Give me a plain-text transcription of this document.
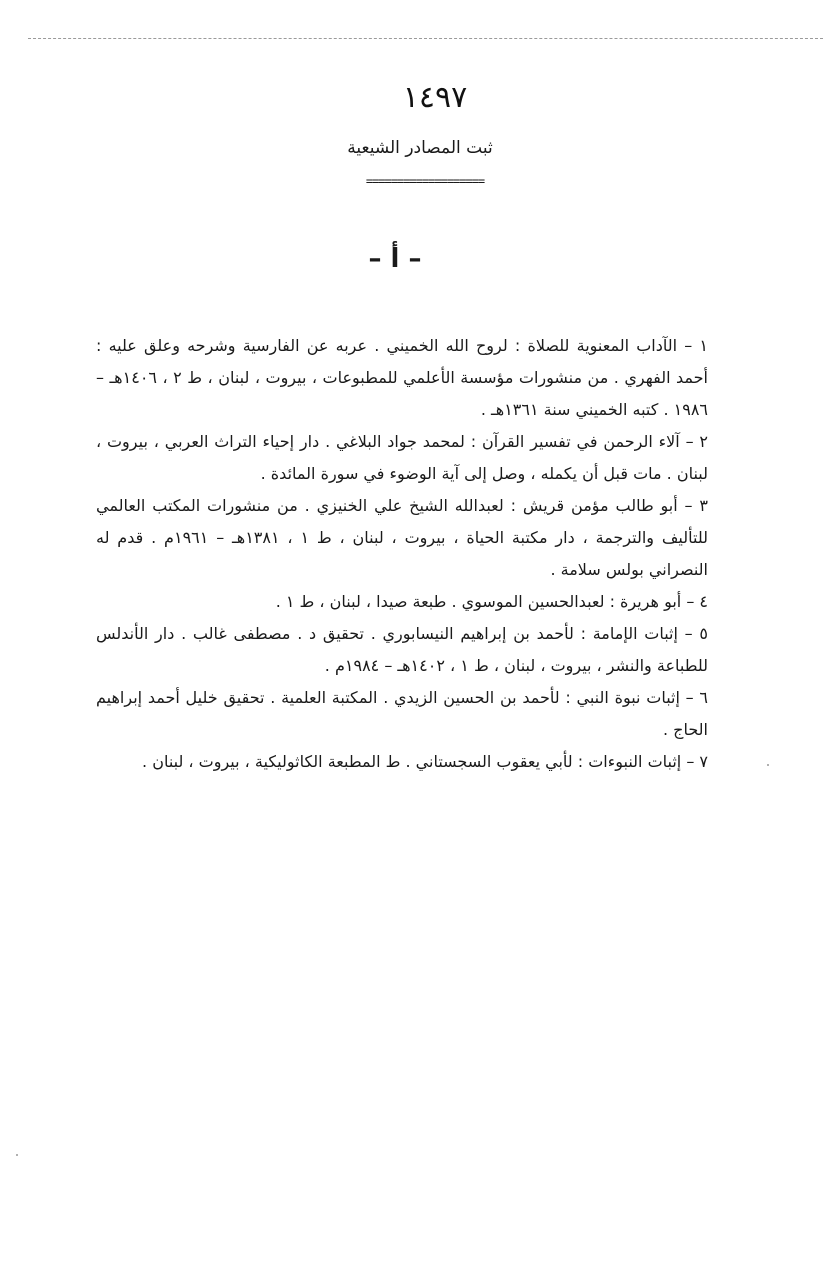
١٤٩٧
ثبت المصادر الشيعية
===================
– أ –

١ – الآداب المعنوية للصلاة : لروح الله الخميني . عربه عن الفارسية وشرحه وعلق عليه : أحمد الفهري . من منشورات مؤسسة الأعلمي للمطبوعات ، بيروت ، لبنان ، ط ٢ ، ١٤٠٦هـ – ١٩٨٦ . كتبه الخميني سنة ١٣٦١هـ .

٢ – آلاء الرحمن في تفسير القرآن : لمحمد جواد البلاغي . دار إحياء التراث العربي ، بيروت ، لبنان . مات قبل أن يكمله ، وصل إلى آية الوضوء في سورة المائدة .

٣ – أبو طالب مؤمن قريش : لعبدالله الشيخ علي الخنيزي . من منشورات المكتب العالمي للتأليف والترجمة ، دار مكتبة الحياة ، بيروت ، لبنان ، ط ١ ، ١٣٨١هـ – ١٩٦١م . قدم له النصراني بولس سلامة .

٤ – أبو هريرة : لعبدالحسين الموسوي . طبعة صيدا ، لبنان ، ط ١ .

٥ – إثبات الإمامة : لأحمد بن إبراهيم النيسابوري . تحقيق د . مصطفى غالب . دار الأندلس للطباعة والنشر ، بيروت ، لبنان ، ط ١ ، ١٤٠٢هـ – ١٩٨٤م .

٦ – إثبات نبوة النبي : لأحمد بن الحسين الزيدي . المكتبة العلمية . تحقيق خليل أحمد إبراهيم الحاج .

٧ – إثبات النبوءات : لأبي يعقوب السجستاني . ط المطبعة الكاثوليكية ، بيروت ، لبنان .
